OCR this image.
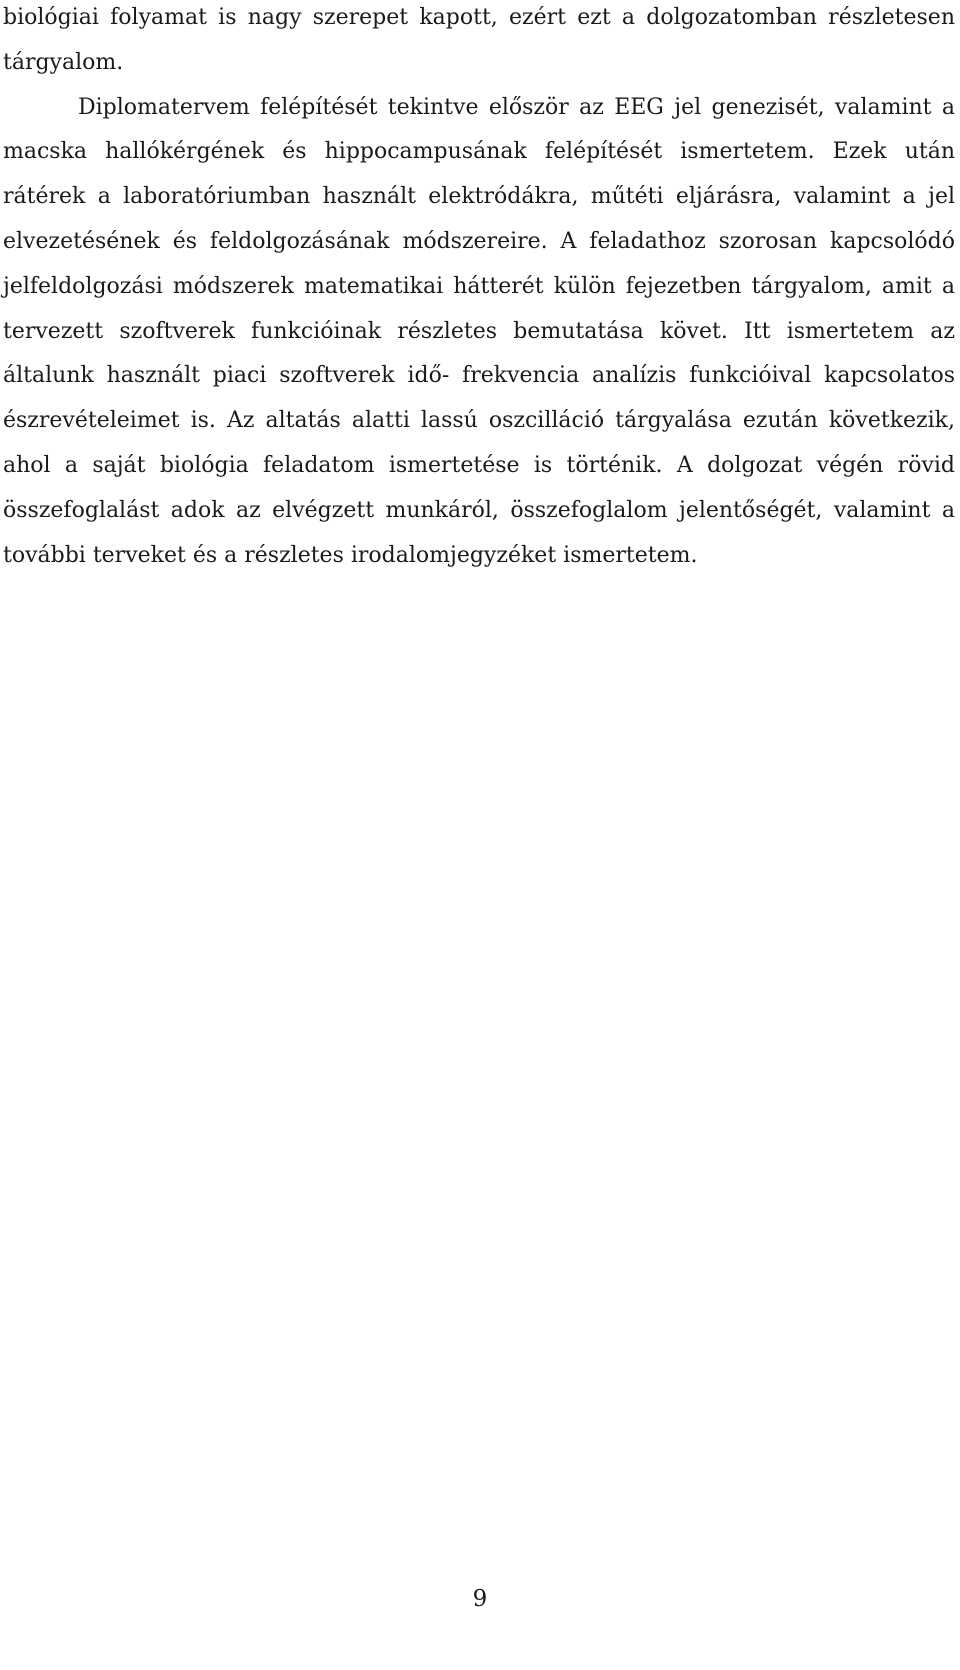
biológiai folyamat is nagy szerepet kapott, ezért ezt a dolgozatomban részletesen tárgyalom.

Diplomatervem felépítését tekintve először az EEG jel genezisét, valamint a macska hallókérgének és hippocampusának felépítését ismertetem. Ezek után rátérek a laboratóriumban használt elektródákra, műtéti eljárásra, valamint a jel elvezetésének és feldolgozásának módszereire. A feladathoz szorosan kapcsolódó jelfeldolgozási módszerek matematikai hátterét külön fejezetben tárgyalom, amit a tervezett szoftverek funkcióinak részletes bemutatása követ. Itt ismertetem az általunk használt piaci szoftverek idő- frekvencia analízis funkcióival kapcsolatos észrevételeimet is. Az altatás alatti lassú oszcilláció tárgyalása ezután következik, ahol a saját biológia feladatom ismertetése is történik. A dolgozat végén rövid összefoglalást adok az elvégzett munkáról, összefoglalom jelentőségét, valamint a további terveket és a részletes irodalomjegyzéket ismertetem.

9
